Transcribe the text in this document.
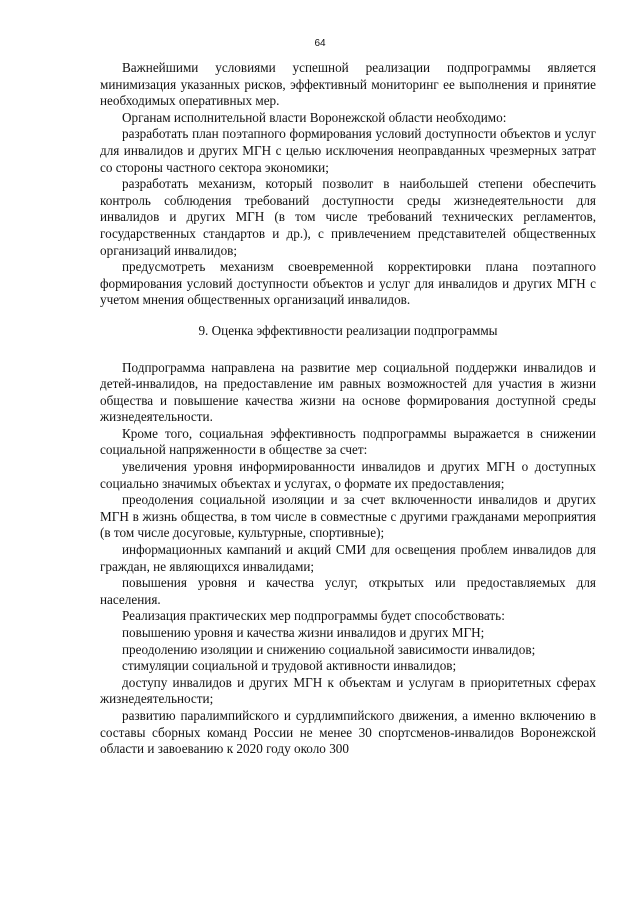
64

Важнейшими условиями успешной реализации подпрограммы является минимизация указанных рисков, эффективный мониторинг ее выполнения и принятие необходимых оперативных мер.

Органам исполнительной власти Воронежской области необходимо:

разработать план поэтапного формирования условий доступности объектов и услуг для инвалидов и других МГН с целью исключения неоправданных чрезмерных затрат со стороны частного сектора экономики;

разработать механизм, который позволит в наибольшей степени обеспечить контроль соблюдения требований доступности среды жизнедеятельности для инвалидов и других МГН (в том числе требований технических регламентов, государственных стандартов и др.), с привлечением представителей общественных организаций инвалидов;

предусмотреть механизм своевременной корректировки плана поэтапного формирования условий доступности объектов и услуг для инвалидов и других МГН с учетом мнения общественных организаций инвалидов.

9. Оценка эффективности реализации подпрограммы

Подпрограмма направлена на развитие мер социальной поддержки инвалидов и детей-инвалидов, на предоставление им равных возможностей для участия в жизни общества и повышение качества жизни на основе формирования доступной среды жизнедеятельности.

Кроме того, социальная эффективность подпрограммы выражается в снижении социальной напряженности в обществе за счет:

увеличения уровня информированности инвалидов и других МГН о доступных социально значимых объектах и услугах, о формате их предоставления;

преодоления социальной изоляции и за счет включенности инвалидов и других МГН в жизнь общества, в том числе в совместные с другими гражданами мероприятия (в том числе досуговые, культурные, спортивные);

информационных кампаний и акций СМИ для освещения проблем инвалидов для граждан, не являющихся инвалидами;

повышения уровня и качества услуг, открытых или предоставляемых для населения.

Реализация практических мер подпрограммы будет способствовать:

повышению уровня и качества жизни инвалидов и других МГН;

преодолению изоляции и снижению социальной зависимости инвалидов;

стимуляции социальной и трудовой активности инвалидов;

доступу инвалидов и других МГН к объектам и услугам в приоритетных сферах жизнедеятельности;

развитию паралимпийского и сурдлимпийского движения, а именно включению в составы сборных команд России не менее 30 спортсменов-инвалидов Воронежской области и завоеванию к 2020 году около 300
